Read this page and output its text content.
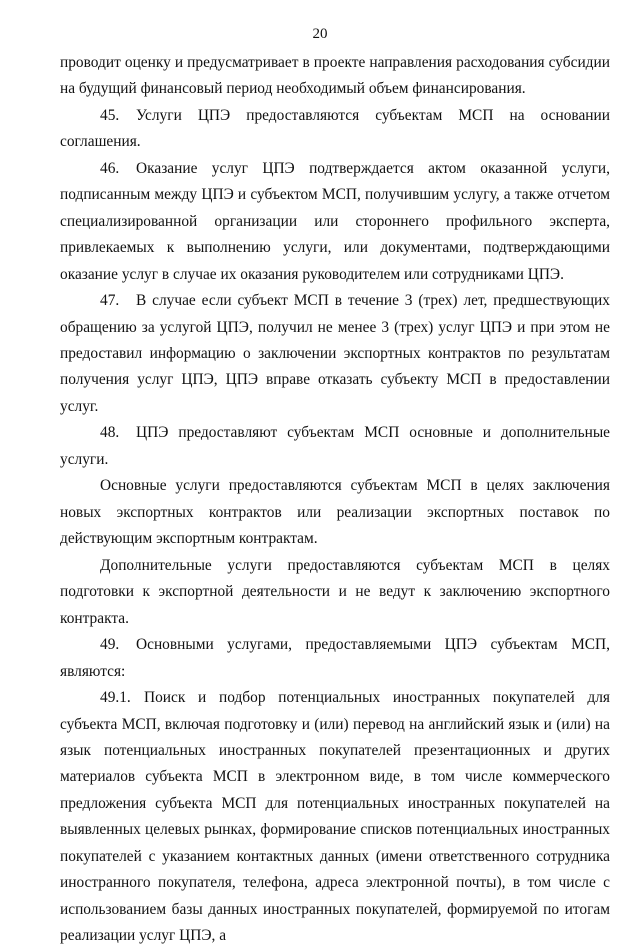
20

проводит оценку и предусматривает в проекте направления расходования субсидии на будущий финансовый период необходимый объем финансирования.

45. Услуги ЦПЭ предоставляются субъектам МСП на основании соглашения.

46. Оказание услуг ЦПЭ подтверждается актом оказанной услуги, подписанным между ЦПЭ и субъектом МСП, получившим услугу, а также отчетом специализированной организации или стороннего профильного эксперта, привлекаемых к выполнению услуги, или документами, подтверждающими оказание услуг в случае их оказания руководителем или сотрудниками ЦПЭ.

47. В случае если субъект МСП в течение 3 (трех) лет, предшествующих обращению за услугой ЦПЭ, получил не менее 3 (трех) услуг ЦПЭ и при этом не предоставил информацию о заключении экспортных контрактов по результатам получения услуг ЦПЭ, ЦПЭ вправе отказать субъекту МСП в предоставлении услуг.

48. ЦПЭ предоставляют субъектам МСП основные и дополнительные услуги.

Основные услуги предоставляются субъектам МСП в целях заключения новых экспортных контрактов или реализации экспортных поставок по действующим экспортным контрактам.

Дополнительные услуги предоставляются субъектам МСП в целях подготовки к экспортной деятельности и не ведут к заключению экспортного контракта.

49. Основными услугами, предоставляемыми ЦПЭ субъектам МСП, являются:

49.1. Поиск и подбор потенциальных иностранных покупателей для субъекта МСП, включая подготовку и (или) перевод на английский язык и (или) на язык потенциальных иностранных покупателей презентационных и других материалов субъекта МСП в электронном виде, в том числе коммерческого предложения субъекта МСП для потенциальных иностранных покупателей на выявленных целевых рынках, формирование списков потенциальных иностранных покупателей с указанием контактных данных (имени ответственного сотрудника иностранного покупателя, телефона, адреса электронной почты), в том числе с использованием базы данных иностранных покупателей, формируемой по итогам реализации услуг ЦПЭ, а
